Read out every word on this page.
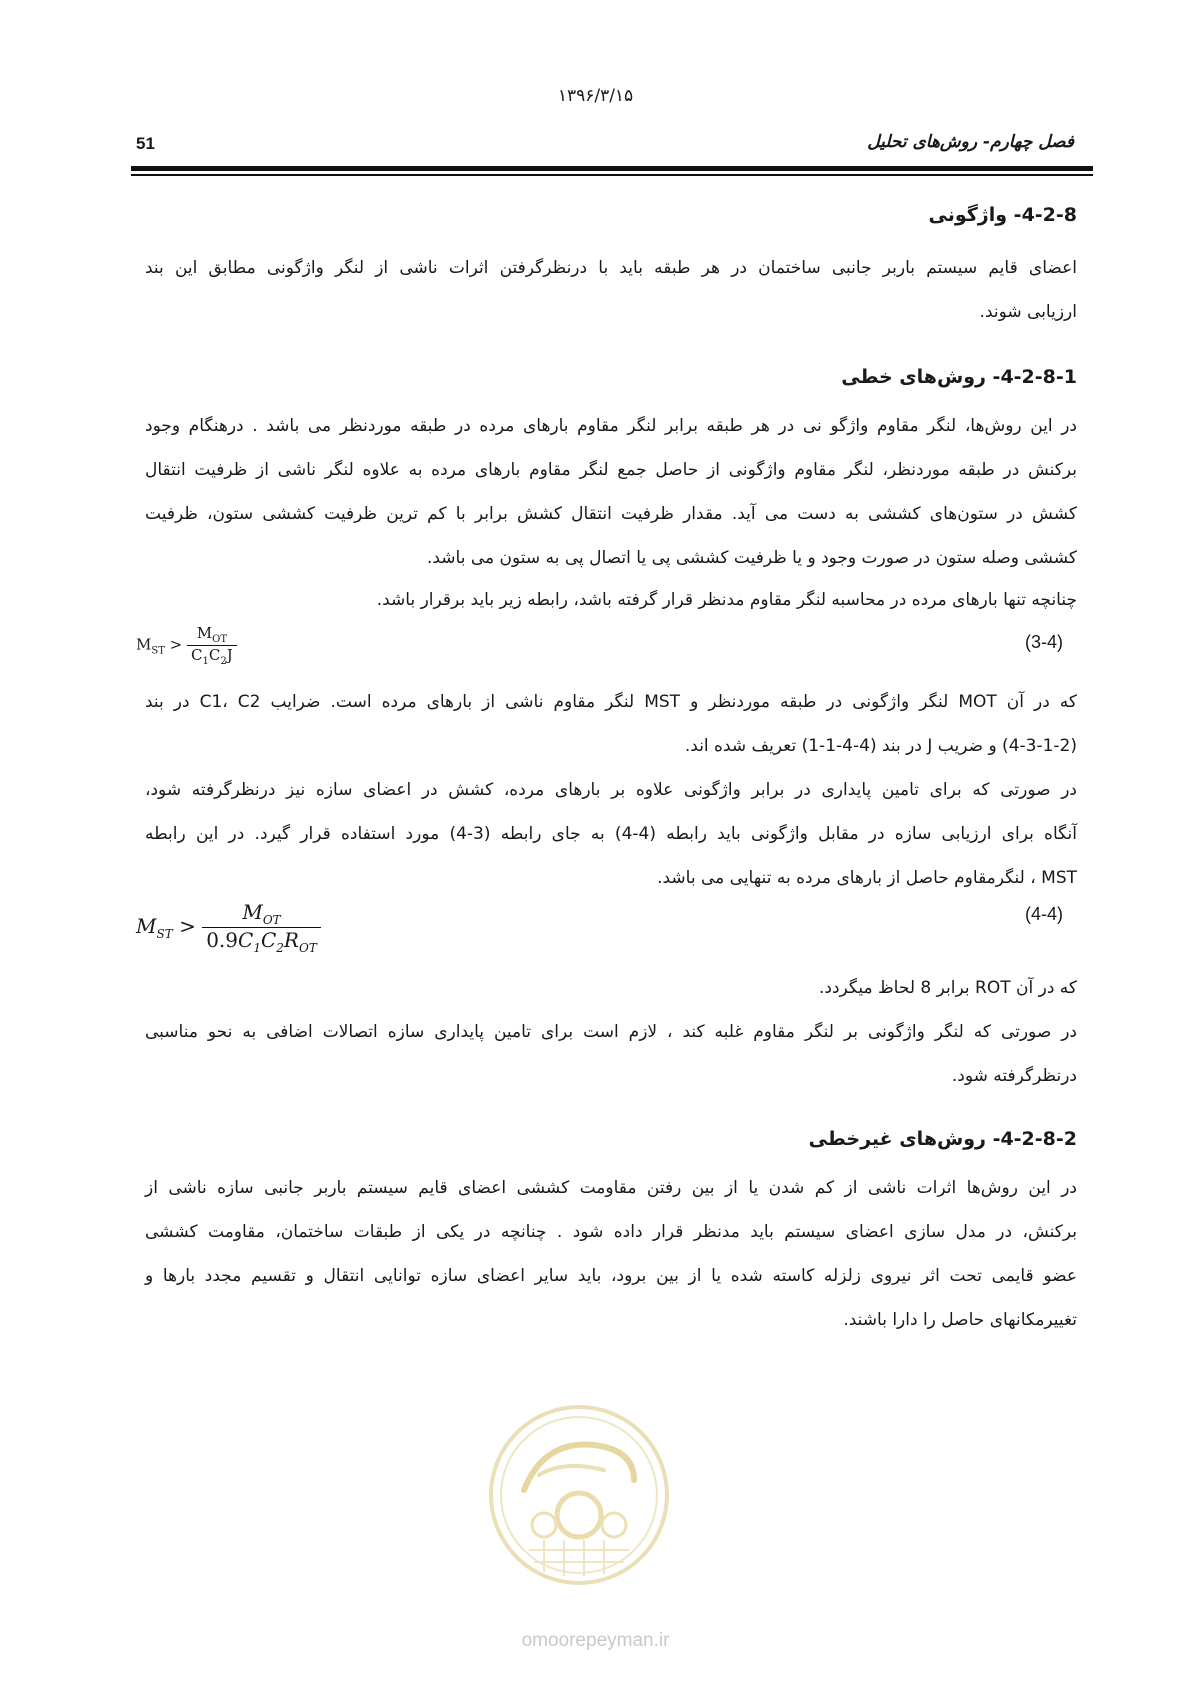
۱۳۹۶/۳/۱۵
51	فصل چهارم- روش‌های تحلیل
4-2-8- واژگونی
اعضای قایم سیستم باربر جانبی ساختمان در هر طبقه باید با درنظرگرفتن اثرات ناشی از لنگر واژگونی مطابق این بند
ارزیابی شوند.
4-2-8-1- روش‌های خطی
در این روش‌ها، لنگر مقاوم واژگو نی در هر طبقه برابر لنگر مقاوم بارهای مرده در طبقه موردنظر می باشد . درهنگام وجود
برکنش در طبقه موردنظر، لنگر مقاوم واژگونی از حاصل جمع لنگر مقاوم بارهای مرده به علاوه لنگر ناشی از ظرفیت انتقال
کشش در ستون‌های کششی به دست می آید. مقدار ظرفیت انتقال کشش برابر با کم ترین ظرفیت کششی ستون، ظرفیت
کششی وصله ستون در صورت وجود و یا ظرفیت کششی پی یا اتصال پی به ستون می باشد.
چنانچه تنها بارهای مرده در محاسبه لنگر مقاوم مدنظر قرار گرفته باشد، رابطه زیر باید برقرار باشد.
$M_{ST} > \frac{M_{OT}}{C_1C_2J}$	(3-4)
که در آن MOT لنگر واژگونی در طبقه موردنظر و MST لنگر مقاوم ناشی از بارهای مرده است. ضرایب C1، C2 در بند
(4-3-1-2) و ضریب J در بند (4-4-1-1) تعریف شده اند.
در صورتی که برای تامین پایداری در برابر واژگونی علاوه بر بارهای مرده، کشش در اعضای سازه نیز درنظرگرفته شود،
آنگاه برای ارزیابی سازه در مقابل واژگونی باید رابطه (4-4) به جای رابطه (3-4) مورد استفاده قرار گیرد. در این رابطه
MST ، لنگرمقاوم حاصل از بارهای مرده به تنهایی می باشد.
$M_{ST} > \frac{M_{OT}}{0.9C_1C_2R_{OT}}$	(4-4)
که در آن ROT برابر 8 لحاظ میگردد.
در صورتی که لنگر واژگونی بر لنگر مقاوم غلبه کند ، لازم است برای تامین پایداری سازه اتصالات اضافی به نحو مناسبی
درنظرگرفته شود.
4-2-8-2- روش‌های غیرخطی
در این روش‌ها اثرات ناشی از کم شدن یا از بین رفتن مقاومت کششی اعضای قایم سیستم باربر جانبی سازه ناشی از
برکنش، در مدل سازی اعضای سیستم باید مدنظر قرار داده شود . چنانچه در یکی از طبقات ساختمان، مقاومت کششی
عضو قایمی تحت اثر نیروی زلزله کاسته شده یا از بین برود، باید سایر اعضای سازه توانایی انتقال و تقسیم مجدد بارها و
تغییرمکانهای حاصل را دارا باشند.
omoorepeyman.ir
